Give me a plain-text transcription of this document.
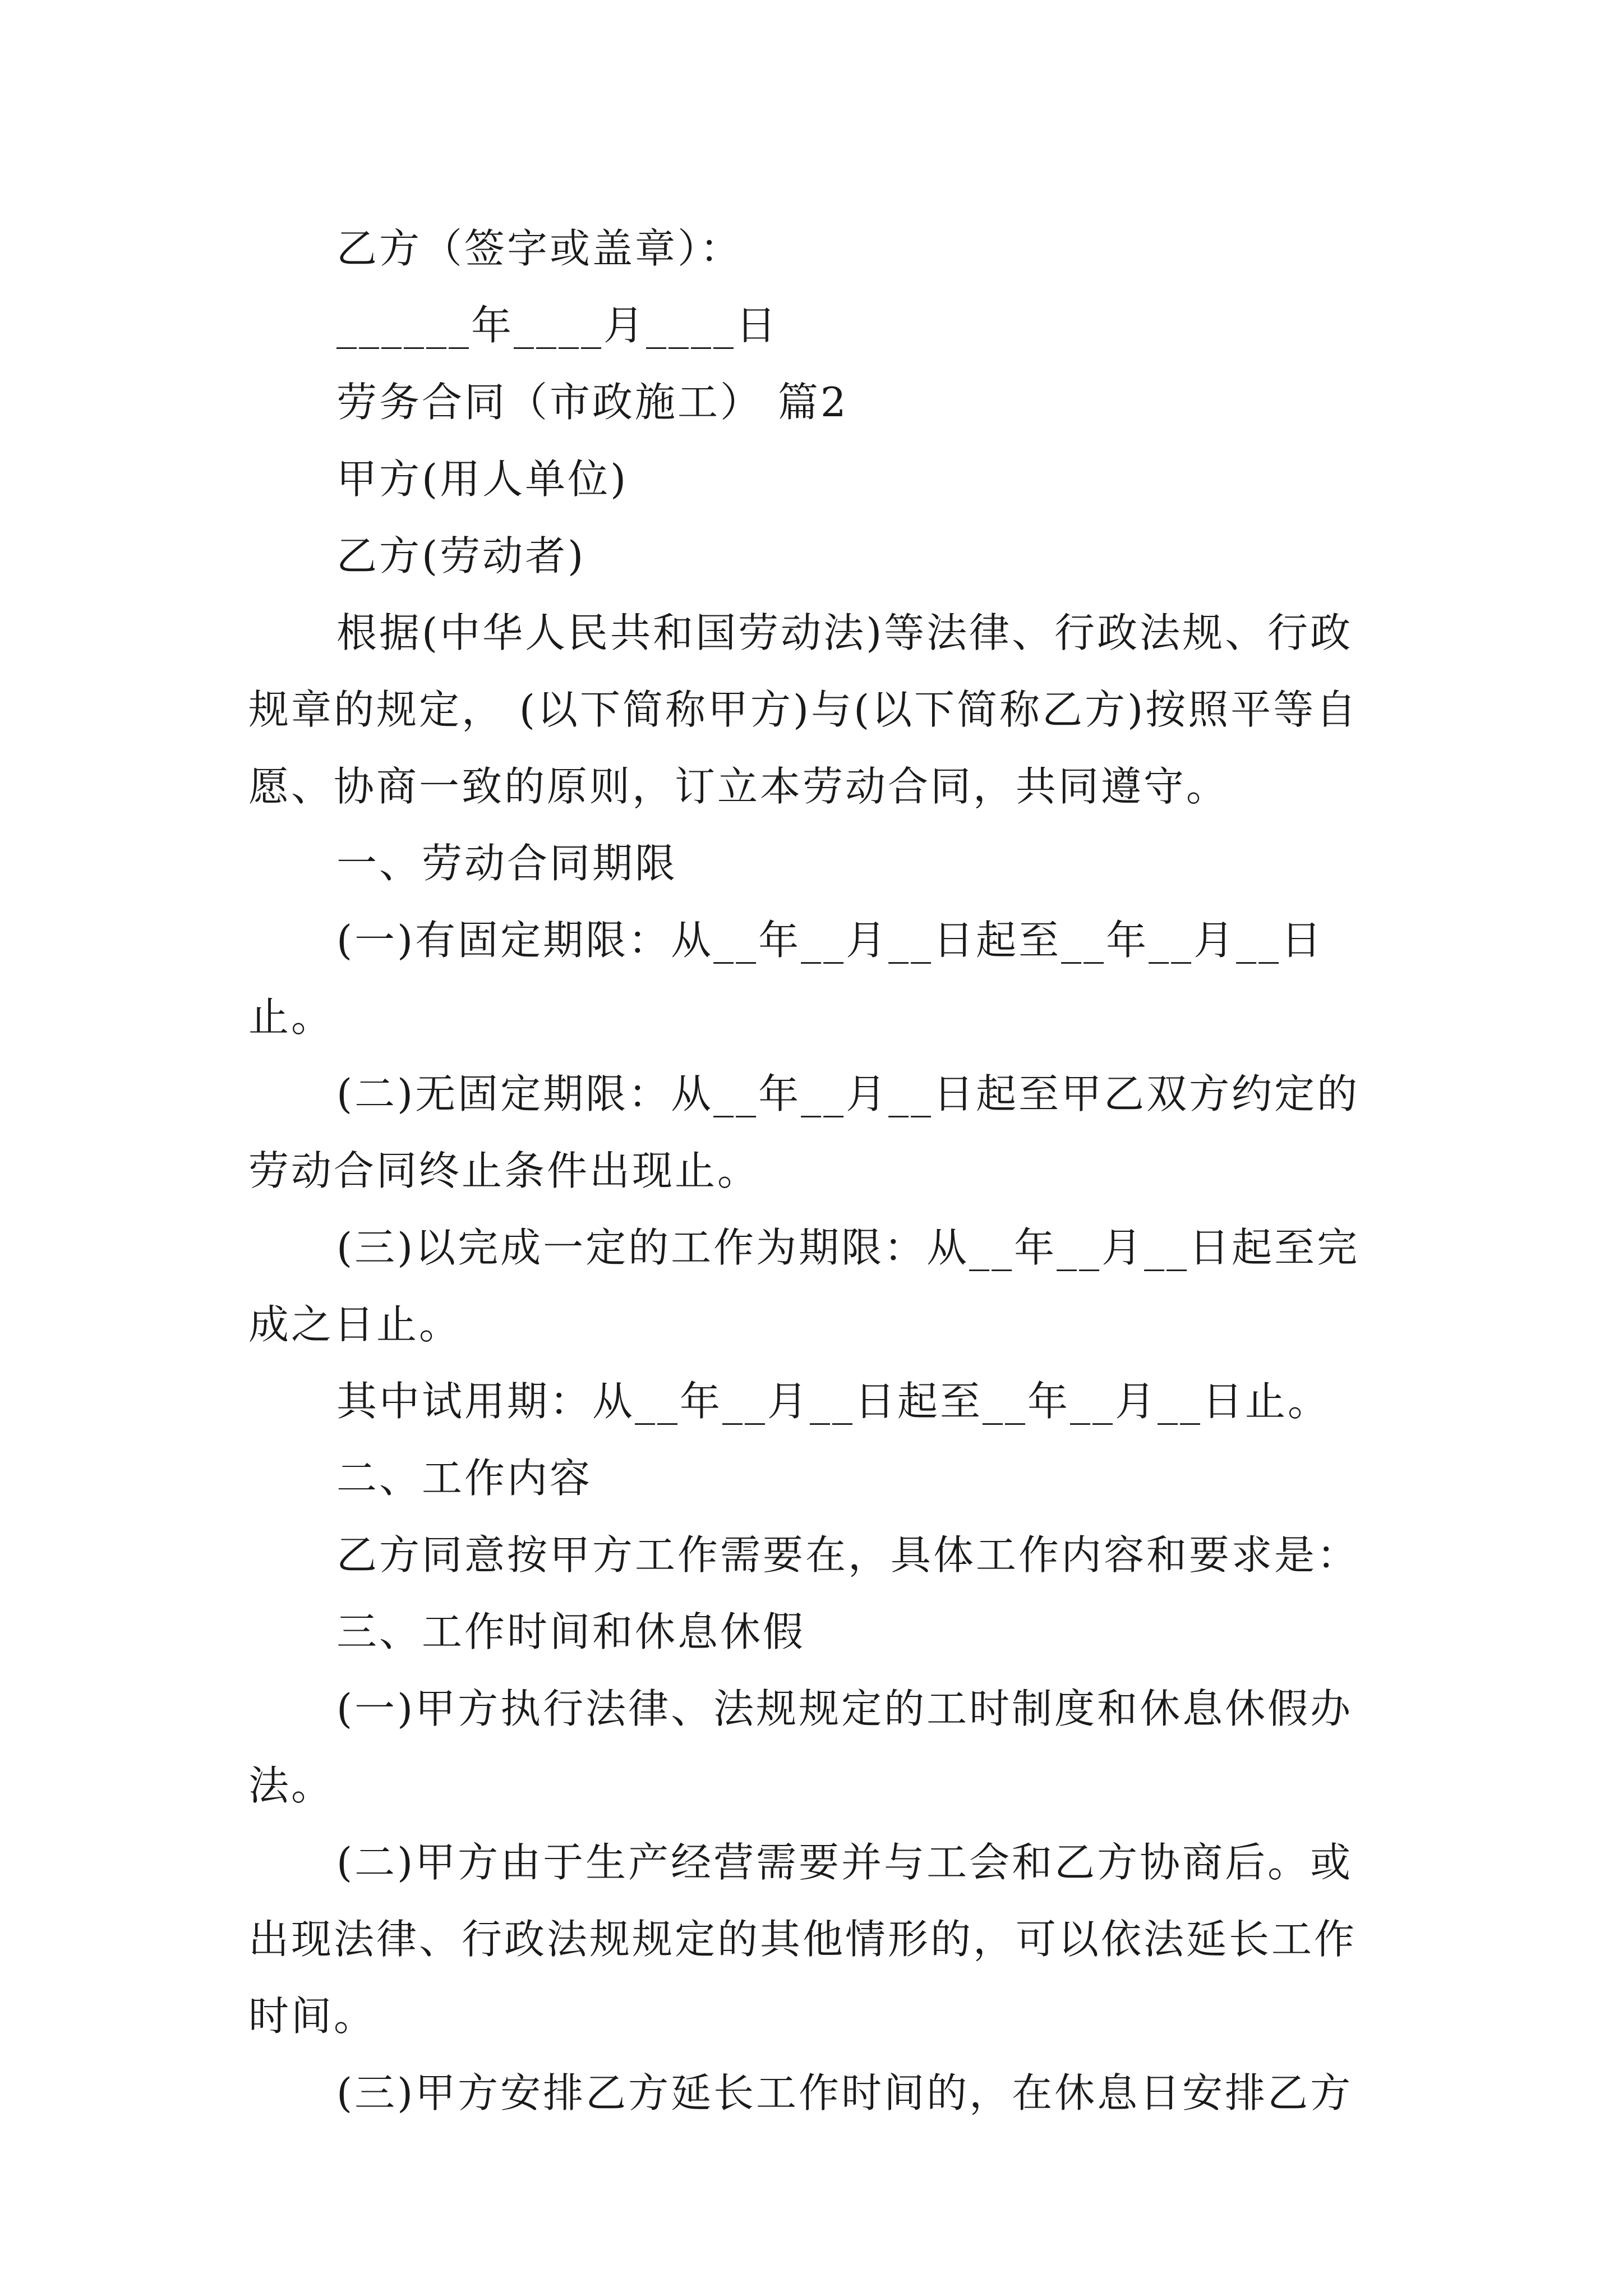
乙方（签字或盖章）：

______年____月____日

劳务合同（市政施工） 篇2

甲方(用人单位)

乙方(劳动者)

根据(中华人民共和国劳动法)等法律、行政法规、行政规章的规定， (以下简称甲方)与(以下简称乙方)按照平等自愿、协商一致的原则，订立本劳动合同，共同遵守。

一、劳动合同期限

(一)有固定期限：从__年__月__日起至__年__月__日止。

(二)无固定期限：从__年__月__日起至甲乙双方约定的劳动合同终止条件出现止。

(三)以完成一定的工作为期限：从__年__月__日起至完成之日止。

其中试用期：从__年__月__日起至__年__月__日止。

二、工作内容

乙方同意按甲方工作需要在，具体工作内容和要求是：

三、工作时间和休息休假

(一)甲方执行法律、法规规定的工时制度和休息休假办法。

(二)甲方由于生产经营需要并与工会和乙方协商后。或出现法律、行政法规规定的其他情形的，可以依法延长工作时间。

(三)甲方安排乙方延长工作时间的，在休息日安排乙方
